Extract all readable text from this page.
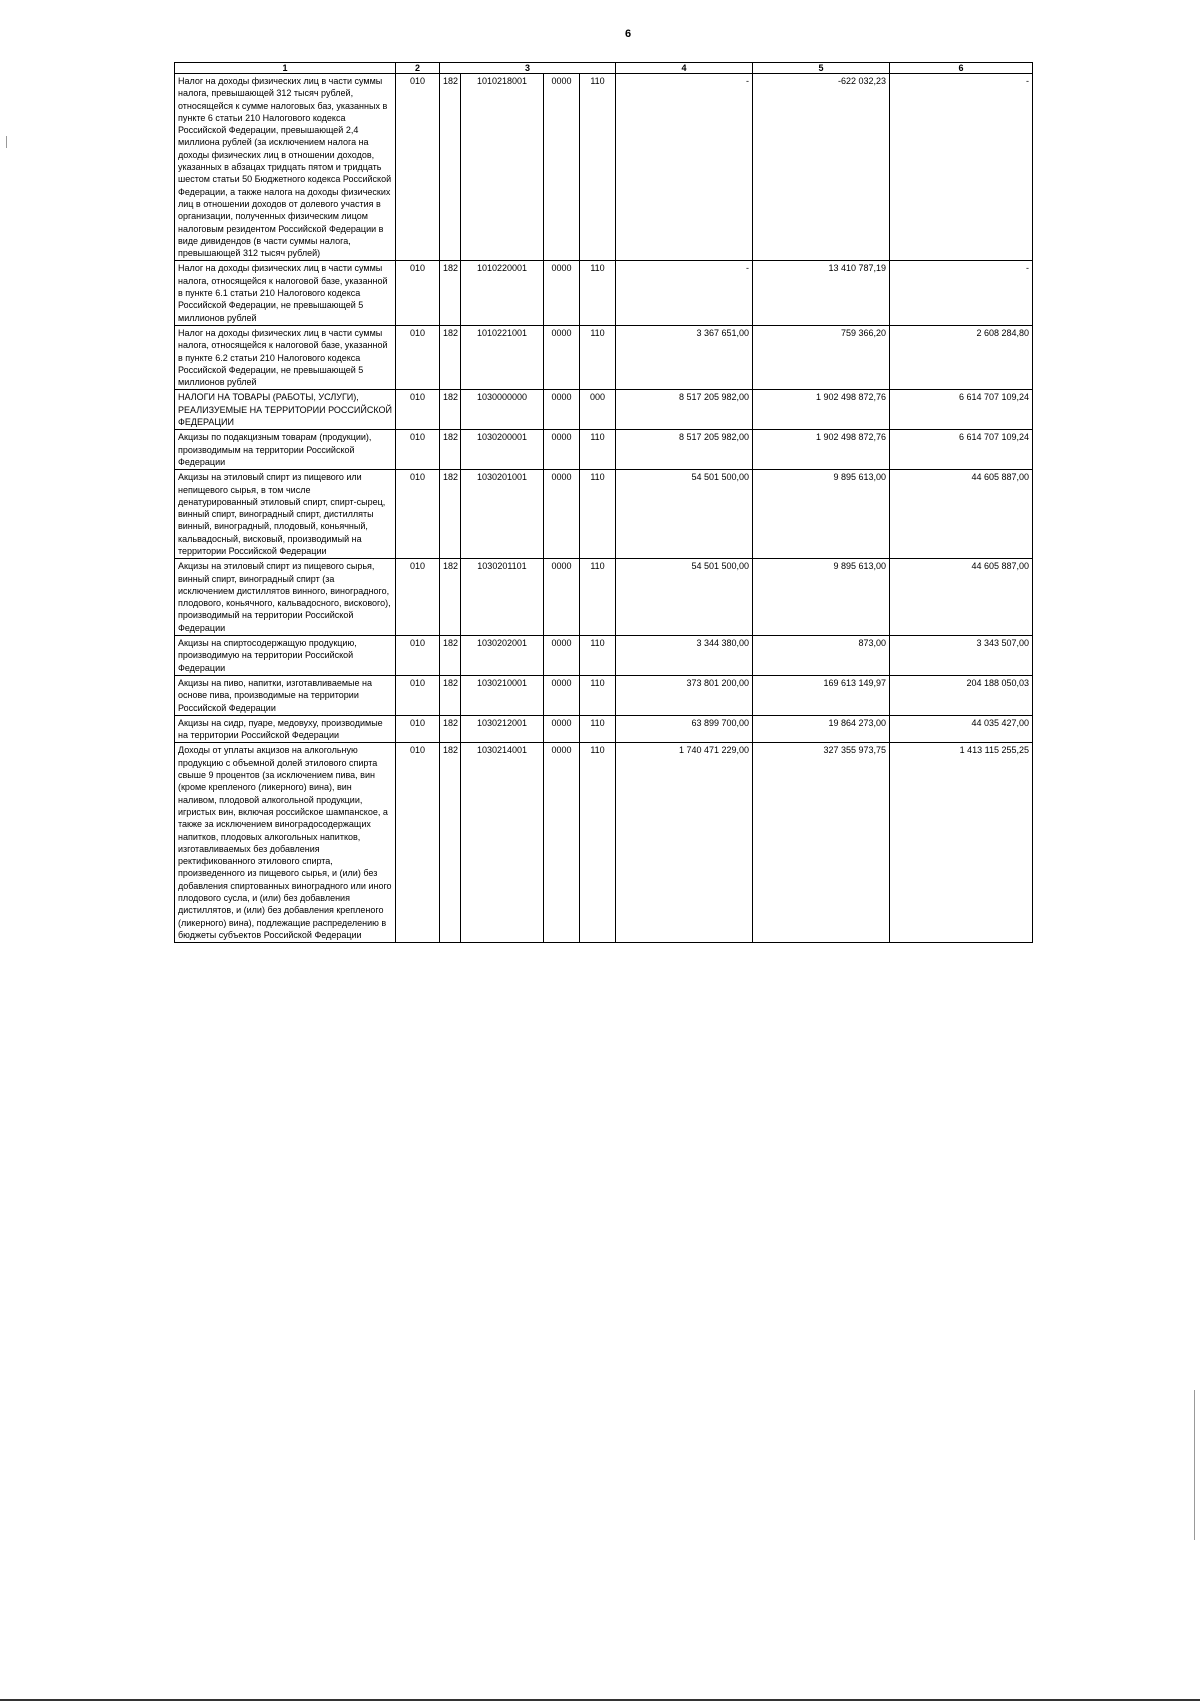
6
1	2	3				4	5	6
Налог на доходы физических лиц в части суммы налога, превышающей 312 тысяч рублей, относящейся к сумме налоговых баз, указанных в пункте 6 статьи 210 Налогового кодекса Российской Федерации, превышающей 2,4 миллиона рублей (за исключением налога на доходы физических лиц в отношении доходов, указанных в абзацах тридцать пятом и тридцать шестом статьи 50 Бюджетного кодекса Российской Федерации, а также налога на доходы физических лиц в отношении доходов от долевого участия в организации, полученных физическим лицом налоговым резидентом Российской Федерации в виде дивидендов (в части суммы налога, превышающей 312 тысяч рублей)	010	182	1010218001	0000	110	-	-622 032,23	-
Налог на доходы физических лиц в части суммы налога, относящейся к налоговой базе, указанной в пункте 6.1 статьи 210 Налогового кодекса Российской Федерации, не превышающей 5 миллионов рублей	010	182	1010220001	0000	110	-	13 410 787,19	-
Налог на доходы физических лиц в части суммы налога, относящейся к налоговой базе, указанной в пункте 6.2 статьи 210 Налогового кодекса Российской Федерации, не превышающей 5 миллионов рублей	010	182	1010221001	0000	110	3 367 651,00	759 366,20	2 608 284,80
НАЛОГИ НА ТОВАРЫ (РАБОТЫ, УСЛУГИ), РЕАЛИЗУЕМЫЕ НА ТЕРРИТОРИИ РОССИЙСКОЙ ФЕДЕРАЦИИ	010	182	1030000000	0000	000	8 517 205 982,00	1 902 498 872,76	6 614 707 109,24
Акцизы по подакцизным товарам (продукции), производимым на территории Российской Федерации	010	182	1030200001	0000	110	8 517 205 982,00	1 902 498 872,76	6 614 707 109,24
Акцизы на этиловый спирт из пищевого или непищевого сырья, в том числе денатурированный этиловый спирт, спирт-сырец, винный спирт, виноградный спирт, дистилляты винный, виноградный, плодовый, коньячный, кальвадосный, висковый, производимый на территории Российской Федерации	010	182	1030201001	0000	110	54 501 500,00	9 895 613,00	44 605 887,00
Акцизы на этиловый спирт из пищевого сырья, винный спирт, виноградный спирт (за исключением дистиллятов винного, виноградного, плодового, коньячного, кальвадосного, вискового), производимый на территории Российской Федерации	010	182	1030201101	0000	110	54 501 500,00	9 895 613,00	44 605 887,00
Акцизы на спиртосодержащую продукцию, производимую на территории Российской Федерации	010	182	1030202001	0000	110	3 344 380,00	873,00	3 343 507,00
Акцизы на пиво, напитки, изготавливаемые на основе пива, производимые на территории Российской Федерации	010	182	1030210001	0000	110	373 801 200,00	169 613 149,97	204 188 050,03
Акцизы на сидр, пуаре, медовуху, производимые на территории Российской Федерации	010	182	1030212001	0000	110	63 899 700,00	19 864 273,00	44 035 427,00
Доходы от уплаты акцизов на алкогольную продукцию с объемной долей этилового спирта свыше 9 процентов (за исключением пива, вин (кроме крепленого (ликерного) вина), вин наливом, плодовой алкогольной продукции, игристых вин, включая российское шампанское, а также за исключением виноградосодержащих напитков, плодовых алкогольных напитков, изготавливаемых без добавления ректификованного этилового спирта, произведенного из пищевого сырья, и (или) без добавления спиртованных виноградного или иного плодового сусла, и (или) без добавления дистиллятов, и (или) без добавления крепленого (ликерного) вина), подлежащие распределению в бюджеты субъектов Российской Федерации	010	182	1030214001	0000	110	1 740 471 229,00	327 355 973,75	1 413 115 255,25
